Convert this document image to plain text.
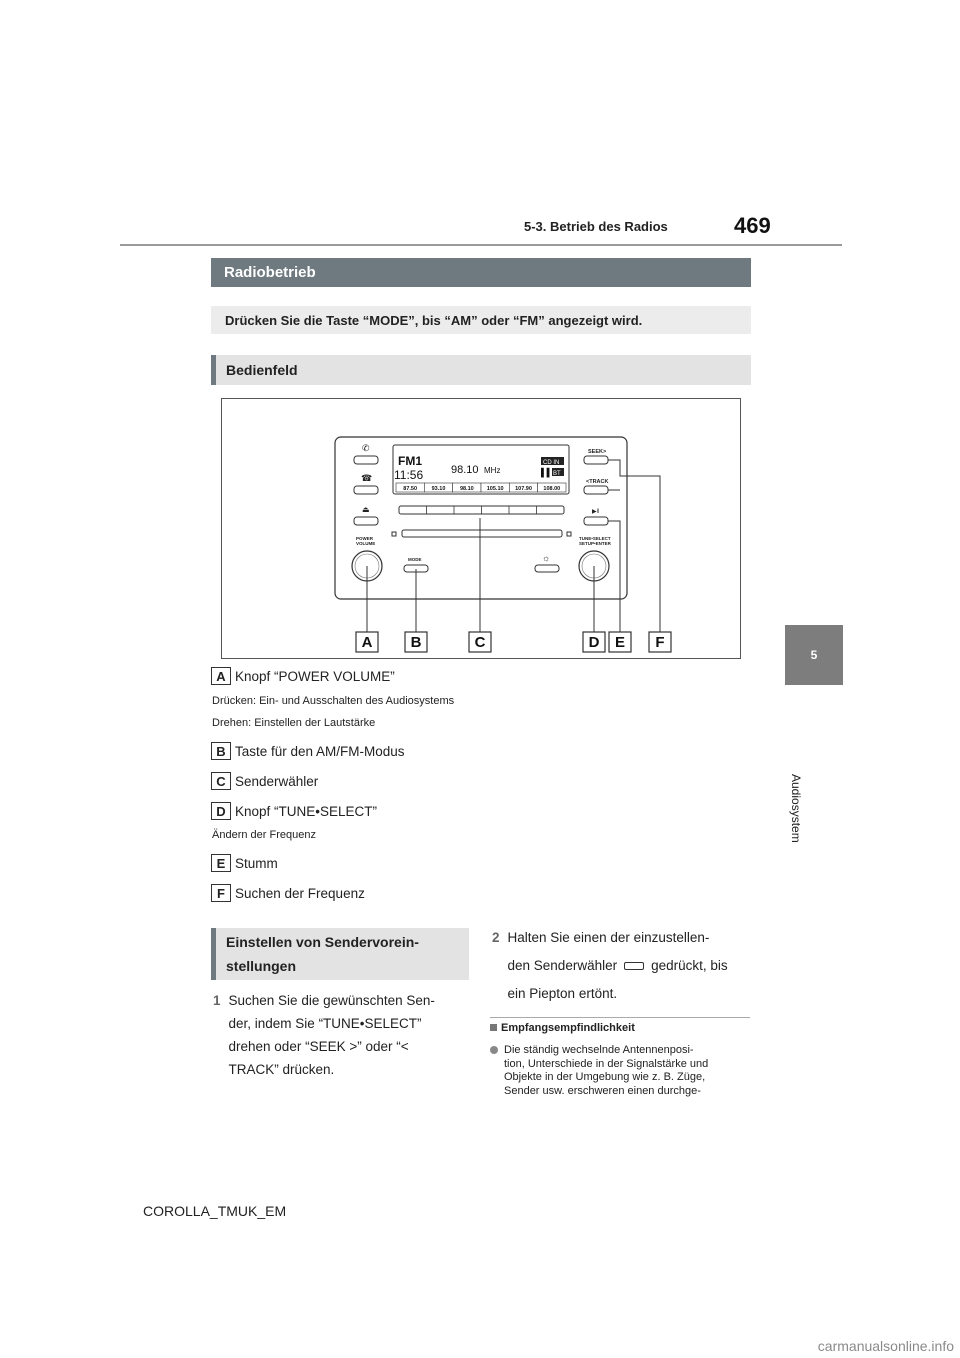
5-3. Betrieb des Radios	469
5
Audiosystem
Radiobetrieb
Drücken Sie die Taste “MODE”, bis “AM” oder “FM” angezeigt wird.
Bedienfeld
FM1
11:56	98.10 MHz
CD IN
BT
▌▌
87.50	93.10	98.10 105.10 107.90 108.00
✆
☎
⏏
SEEK>
<TRACK
▶‖
POWER
VOLUME
MODE	☼
TUNE•SELECT
SETUP•ENTER
A	B	C	D E F
A Knopf “POWER VOLUME”
Drücken: Ein- und Ausschalten des Audiosystems
Drehen: Einstellen der Lautstärke
B Taste für den AM/FM-Modus
C Senderwähler
D Knopf “TUNE•SELECT”
Ändern der Frequenz
E Stumm
F Suchen der Frequenz
Einstellen von Sendervorein-
stellungen
1 Suchen Sie die gewünschten Sen-
der, indem Sie “TUNE•SELECT”
drehen oder “SEEK >” oder “<
TRACK” drücken.
2 Halten Sie einen der einzustellen-
den Senderwähler	gedrückt, bis
ein Piepton ertönt.
Empfangsempfindlichkeit
Die ständig wechselnde Antennenposi-
tion, Unterschiede in der Signalstärke und
Objekte in der Umgebung wie z. B. Züge,
Sender usw. erschweren einen durchge-
COROLLA_TMUK_EM
carmanualsonline.info
